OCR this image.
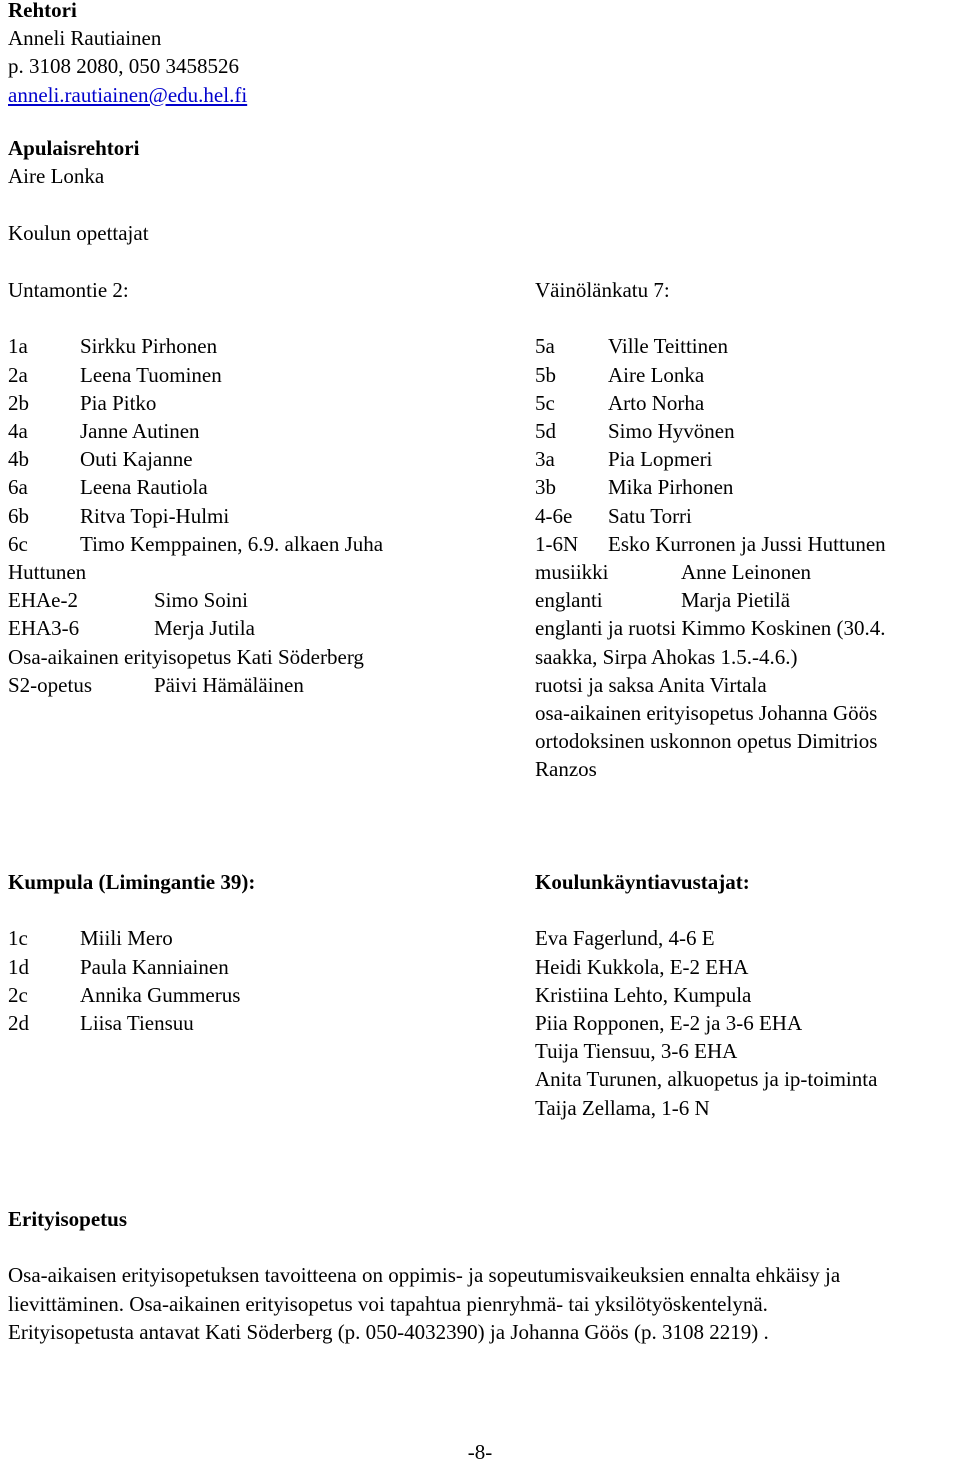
Rehtori
Anneli Rautiainen
p. 3108 2080, 050 3458526
anneli.rautiainen@edu.hel.fi
Apulaisrehtori
Aire Lonka
Koulun opettajat
Untamontie 2:
1a	Sirkku Pirhonen
2a	Leena Tuominen
2b	Pia Pitko
4a	Janne Autinen
4b	Outi Kajanne
6a	Leena Rautiola
6b	Ritva Topi-Hulmi
6c	Timo Kemppainen, 6.9. alkaen Juha
Huttunen
EHAe-2	Simo Soini
EHA3-6	Merja Jutila
Osa-aikainen erityisopetus Kati Söderberg
S2-opetus	Päivi Hämäläinen
Väinölänkatu 7:
5a	Ville Teittinen
5b	Aire Lonka
5c	Arto Norha
5d	Simo Hyvönen
3a	Pia Lopmeri
3b	Mika Pirhonen
4-6e	Satu Torri
1-6N	Esko Kurronen ja Jussi Huttunen
musiikki	Anne Leinonen
englanti	Marja Pietilä
englanti ja ruotsi Kimmo Koskinen (30.4.
saakka, Sirpa Ahokas 1.5.-4.6.)
ruotsi ja saksa Anita Virtala
osa-aikainen erityisopetus Johanna Göös
ortodoksinen uskonnon opetus Dimitrios
Ranzos
Kumpula (Limingantie 39):
1c	Miili Mero
1d	Paula Kanniainen
2c	Annika Gummerus
2d	Liisa Tiensuu
Koulunkäyntiavustajat:
Eva Fagerlund, 4-6 E
Heidi Kukkola, E-2 EHA
Kristiina Lehto, Kumpula
Piia Ropponen, E-2 ja 3-6 EHA
Tuija Tiensuu, 3-6 EHA
Anita Turunen, alkuopetus ja ip-toiminta
Taija Zellama, 1-6 N
Erityisopetus
Osa-aikaisen erityisopetuksen tavoitteena on oppimis- ja sopeutumisvaikeuksien ennalta ehkäisy ja
lievittäminen. Osa-aikainen erityisopetus voi tapahtua pienryhmä- tai yksilötyöskentelynä.
Erityisopetusta antavat Kati Söderberg (p. 050-4032390) ja Johanna Göös (p. 3108 2219) .
-8-
